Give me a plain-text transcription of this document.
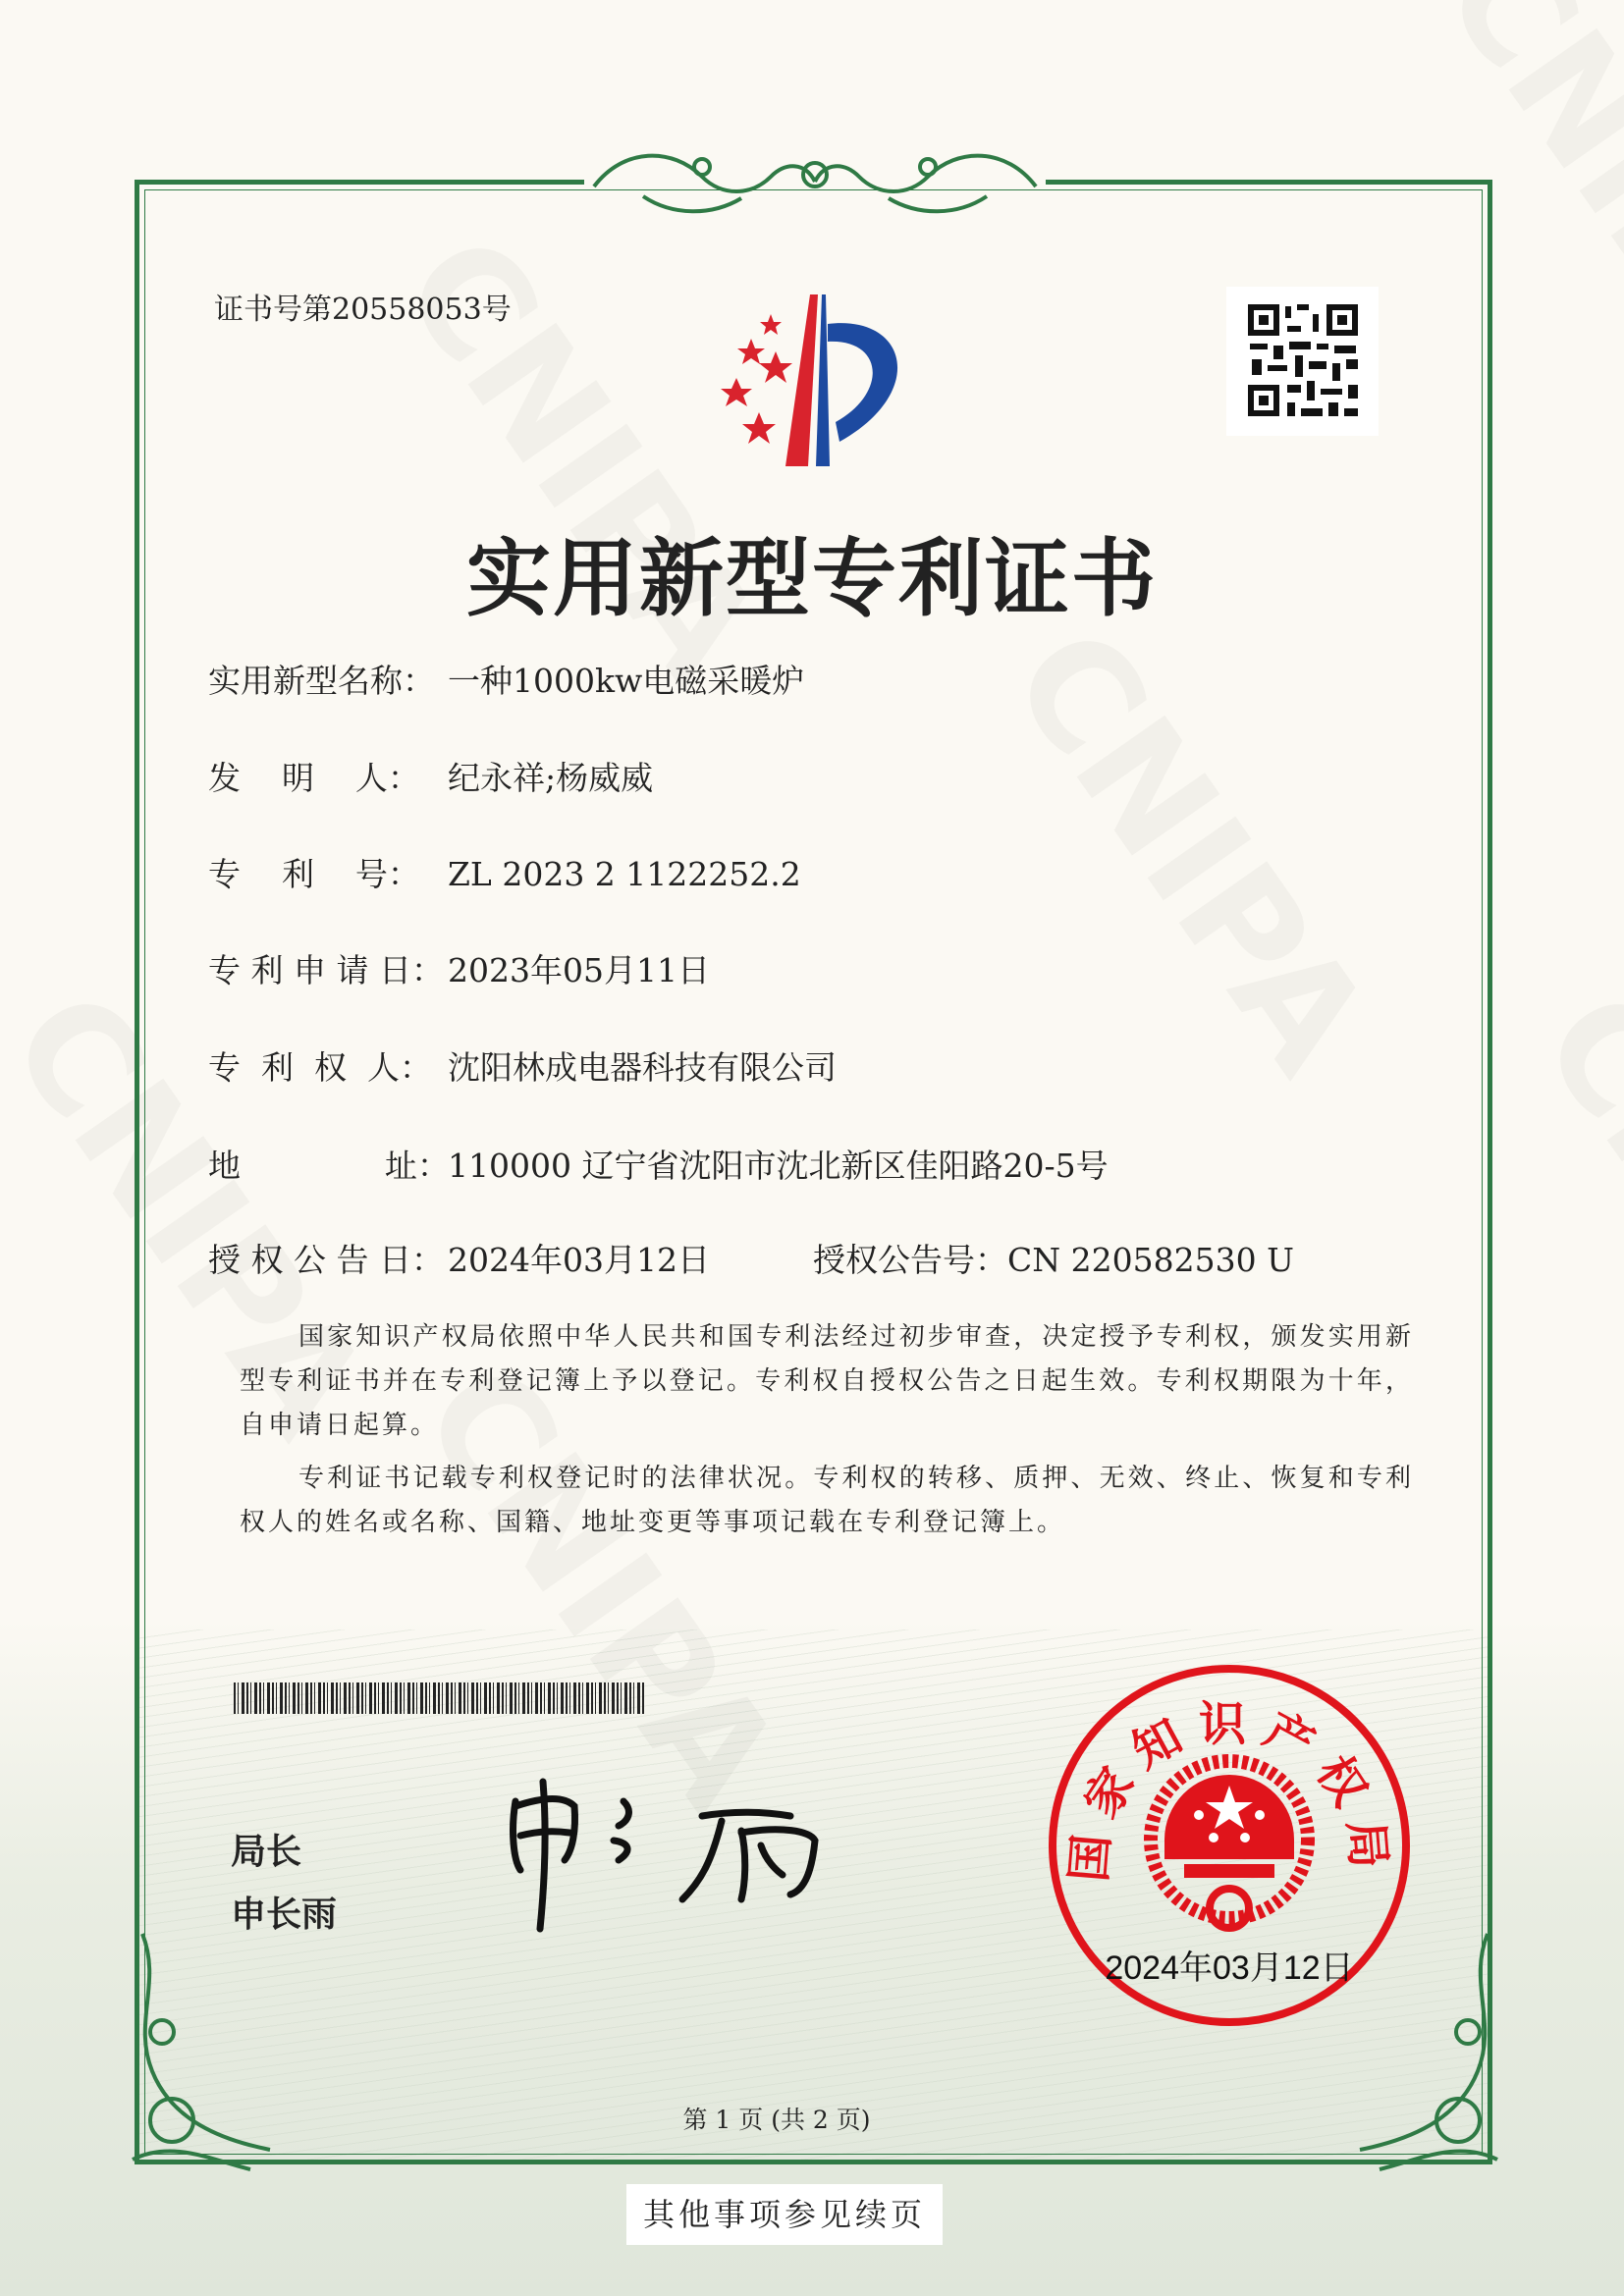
证书号第20558053号
实用新型专利证书
实用新型名称： 一种1000kw电磁采暖炉
发    明    人： 纪永祥;杨威威
专    利    号： ZL 2023 2 1122252.2
专 利 申 请 日： 2023年05月11日
专  利  权  人： 沈阳林成电器科技有限公司
地              址：110000 辽宁省沈阳市沈北新区佳阳路20-5号
授 权 公 告 日： 2024年03月12日	授权公告号：CN 220582530 U
国家知识产权局依照中华人民共和国专利法经过初步审查，决定授予专利权，颁发实用新型专利证书并在专利登记簿上予以登记。专利权自授权公告之日起生效。专利权期限为十年，自申请日起算。
专利证书记载专利权登记时的法律状况。专利权的转移、质押、无效、终止、恢复和专利权人的姓名或名称、国籍、地址变更等事项记载在专利登记簿上。
局长
申长雨
国家知识产权局
2024年03月12日
第 1 页 (共 2 页)
其他事项参见续页
